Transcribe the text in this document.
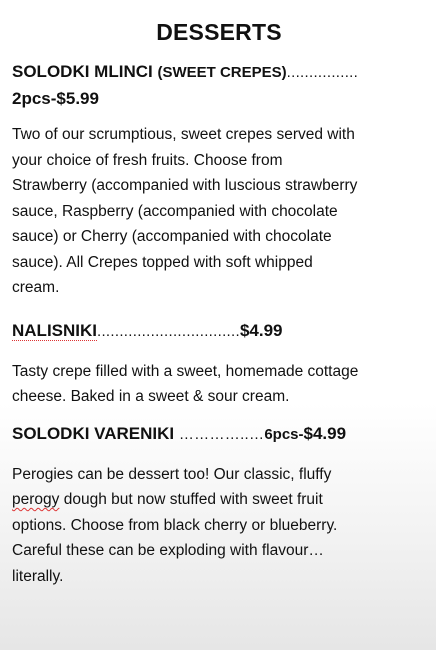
DESSERTS
SOLODKI MLINCI (SWEET CREPES)................
2pcs-$5.99
Two of our scrumptious, sweet crepes served with
your choice of fresh fruits. Choose from
Strawberry (accompanied with luscious strawberry
sauce, Raspberry (accompanied with chocolate
sauce) or Cherry (accompanied with chocolate
sauce). All Crepes topped with soft whipped
cream.
NALISNIKI................................$4.99
Tasty crepe filled with a sweet, homemade cottage
cheese. Baked in a sweet & sour cream.
SOLODKI VARENIKI …………..…6pcs-$4.99
Perogies can be dessert too! Our classic, fluffy
perogy dough but now stuffed with sweet fruit
options. Choose from black cherry or blueberry.
Careful these can be exploding with flavour…
literally.
